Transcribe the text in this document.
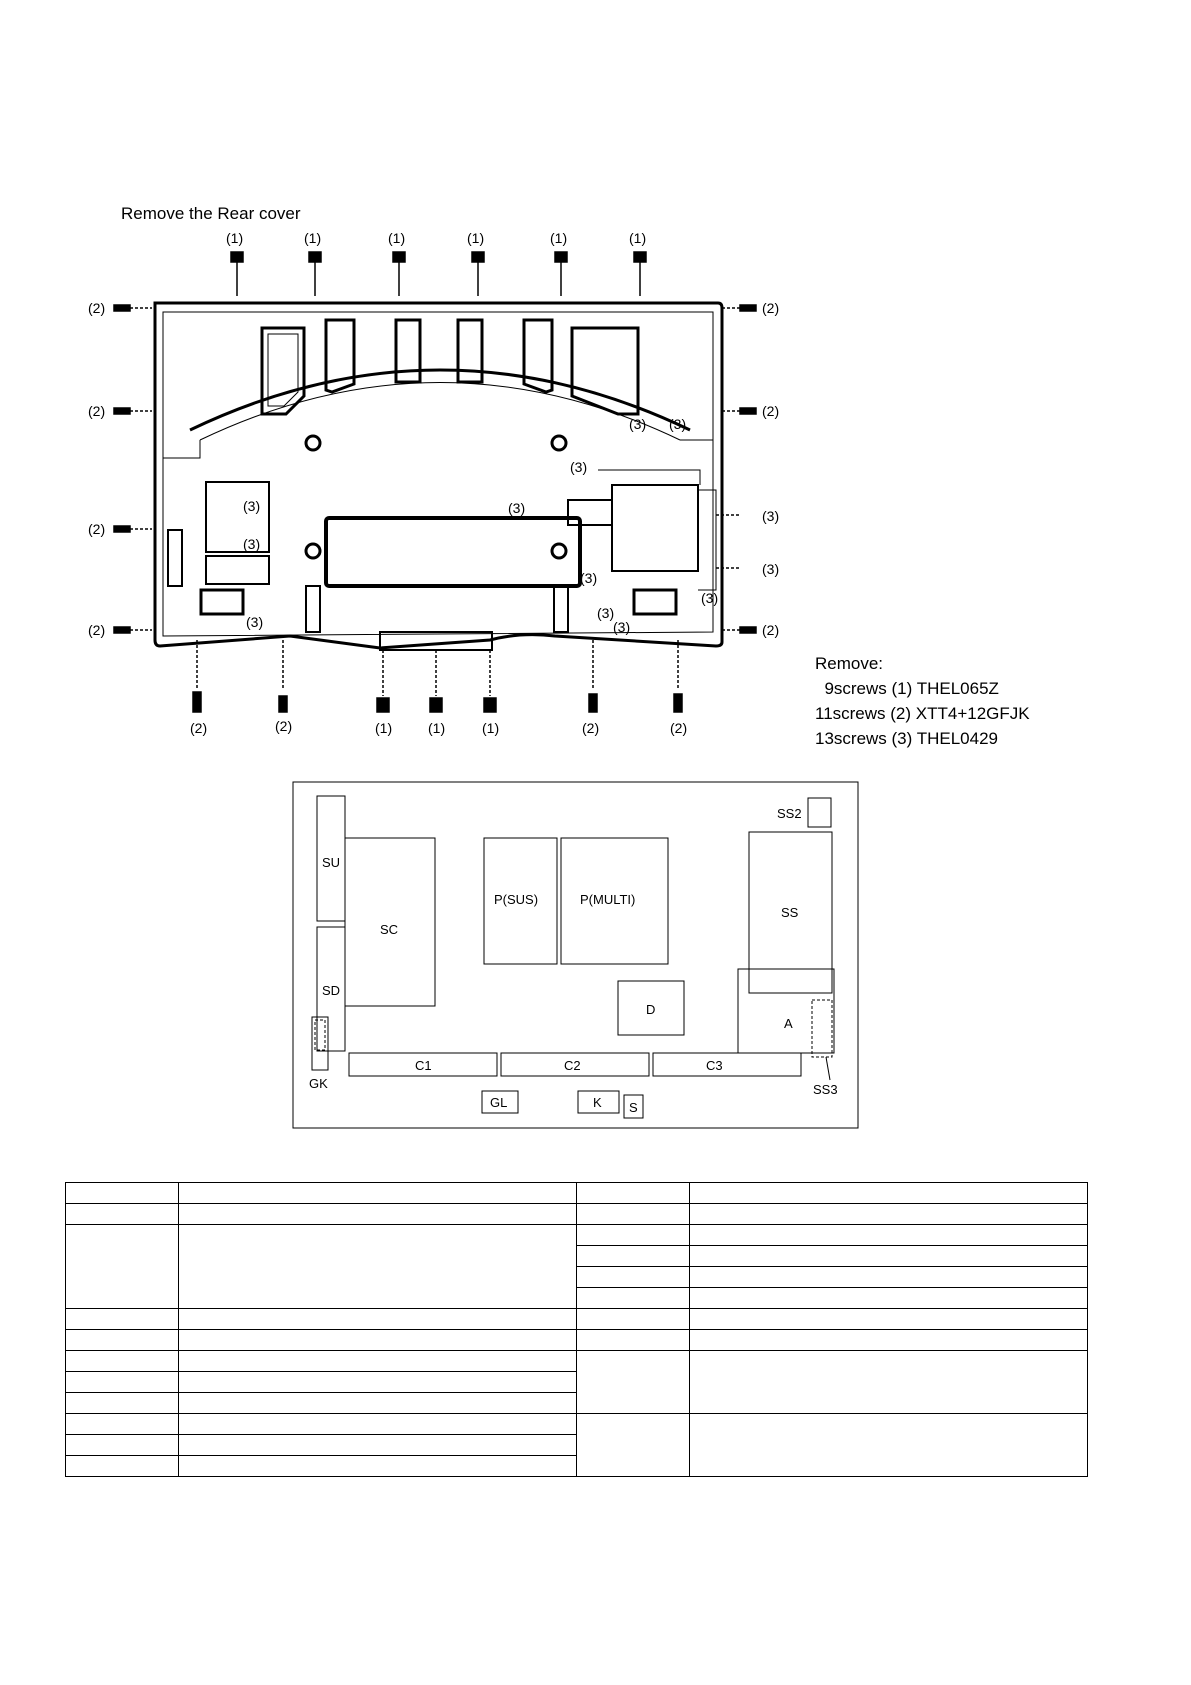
Remove the Rear cover
(1)	(1)	(1)	(1)	(1)	(1)
(2)
(2)
(2)
(2)
(2)
(2)
(2)
(3)
(3)
(3)
(3)
(3)
(3)
(3)
(3) (3)
(3)
(3)
(3)
(3)
(2)	(2)	(1)	(1)	(1)	(2)	(2)
Remove:
9screws (1) THEL065Z
11screws (2) XTT4+12GFJK
13screws (3) THEL0429
SU
SD
GK
SC
P(SUS)	P(MULTI)
SS2
SS
D
A
SS3
C1	C2	C3
GL	K S
